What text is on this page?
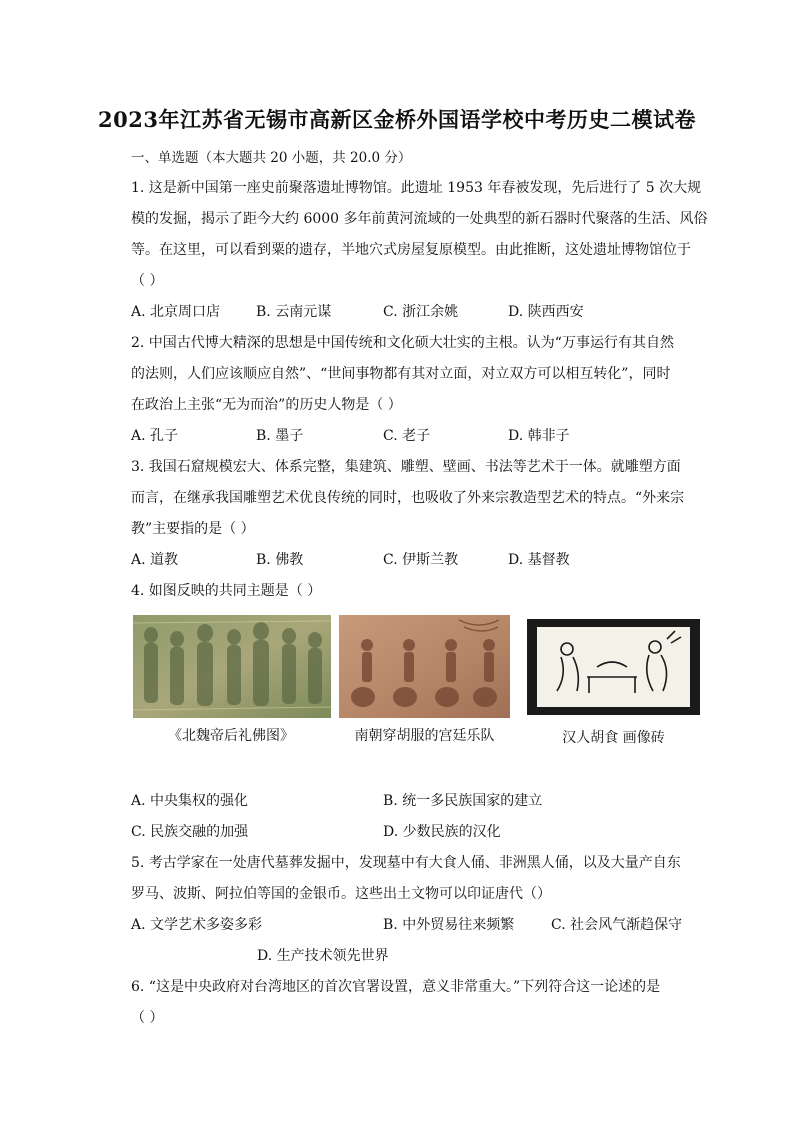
2023年江苏省无锡市高新区金桥外国语学校中考历史二模试卷
一、单选题（本大题共 20 小题，共 20.0 分）
1. 这是新中国第一座史前聚落遗址博物馆。此遗址 1953 年春被发现，先后进行了 5 次大规
模的发掘，揭示了距今大约 6000 多年前黄河流域的一处典型的新石器时代聚落的生活、风俗
等。在这里，可以看到粟的遗存，半地穴式房屋复原模型。由此推断，这处遗址博物馆位于
（ ）
A. 北京周口店	B. 云南元谋	C. 浙江余姚	D. 陕西西安
2. 中国古代博大精深的思想是中国传统和文化硕大壮实的主根。认为“万事运行有其自然
的法则，人们应该顺应自然”、“世间事物都有其对立面，对立双方可以相互转化”，同时
在政治上主张“无为而治”的历史人物是（ ）
A. 孔子	B. 墨子	C. 老子	D. 韩非子
3. 我国石窟规模宏大、体系完整，集建筑、雕塑、壁画、书法等艺术于一体。就雕塑方面
而言，在继承我国雕塑艺术优良传统的同时，也吸收了外来宗教造型艺术的特点。“外来宗
教”主要指的是（ ）
A. 道教	B. 佛教	C. 伊斯兰教	D. 基督教
4. 如图反映的共同主题是（ ）
《北魏帝后礼佛图》	南朝穿胡服的宫廷乐队	汉人胡食 画像砖
A. 中央集权的强化	B. 统一多民族国家的建立
C. 民族交融的加强	D. 少数民族的汉化
5. 考古学家在一处唐代墓葬发掘中，发现墓中有大食人俑、非洲黑人俑，以及大量产自东
罗马、波斯、阿拉伯等国的金银币。这些出土文物可以印证唐代（）
A. 文学艺术多姿多彩	B. 中外贸易往来频繁	C. 社会风气渐趋保守
D. 生产技术领先世界
6. “这是中央政府对台湾地区的首次官署设置，意义非常重大。”下列符合这一论述的是
（ ）
